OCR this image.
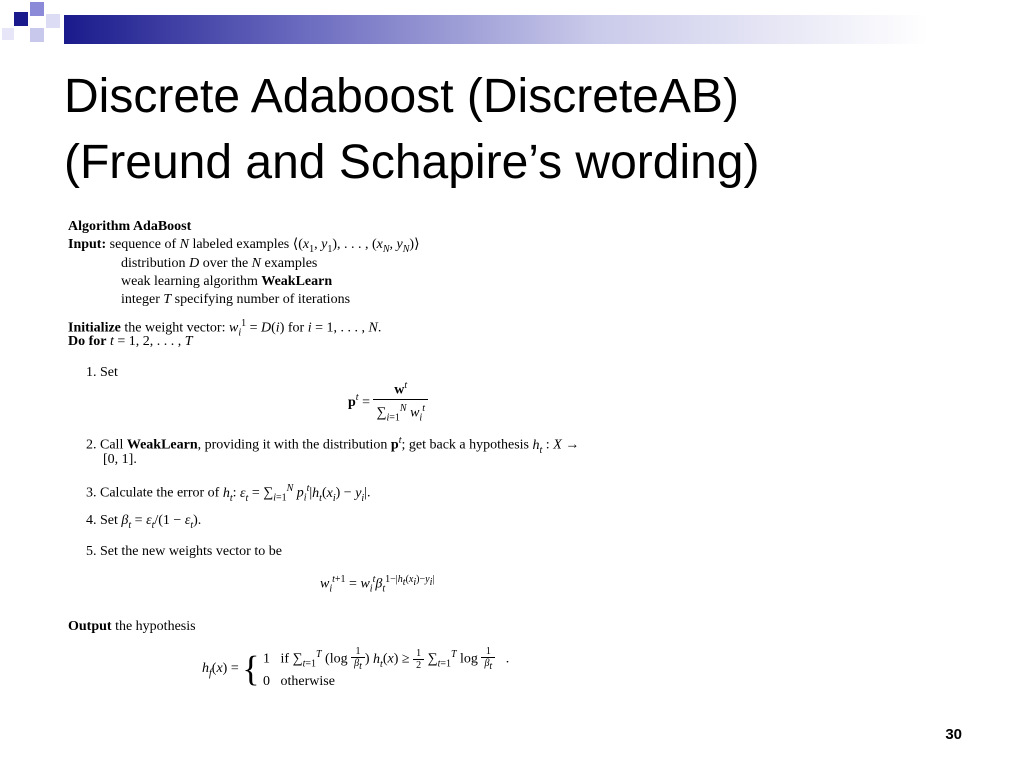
Discrete Adaboost (DiscreteAB)
(Freund and Schapire’s wording)
Algorithm AdaBoost
Input: sequence of N labeled examples $⟨(x_1$, $y_1$), . . . , ($x_N$, $y_N)⟩$
distribution D over the N examples
weak learning algorithm WeakLearn
integer T specifying number of iterations
Initialize the weight vector: $w_i^1 = D(i)$ for i = 1, . . . , N.
Do for t = 1, 2, . . . , T
1. Set
$p^t = \frac{w^t}{\sum_{i=1}^N w_i^t}$
2. Call WeakLearn, providing it with the distribution $p^t$; get back a hypothesis $h_t$ : X →
[0, 1].
3. Calculate the error of $h_t$: $\varepsilon_t = \sum_{i=1}^N$ $p_i^t|h_t(x_i) - y_i|$.
4. Set $\beta_t = \varepsilon_t/(1 - \varepsilon_t)$.
5. Set the new weights vector to be
$w_i^{t+1} = w_i^t\beta_t^{1-|h_t(x_i)-y_i|}$
Output the hypothesis
$h_f(x)$ = { 1   if $\sum_{t=1}^T$ ($\log \frac{1}{\beta_t}$ ) $h_t(x) \ge \frac{1}{2} \sum_{t=1}^T$ $\log \frac{1}{\beta_t}$ .
0   otherwise
30
